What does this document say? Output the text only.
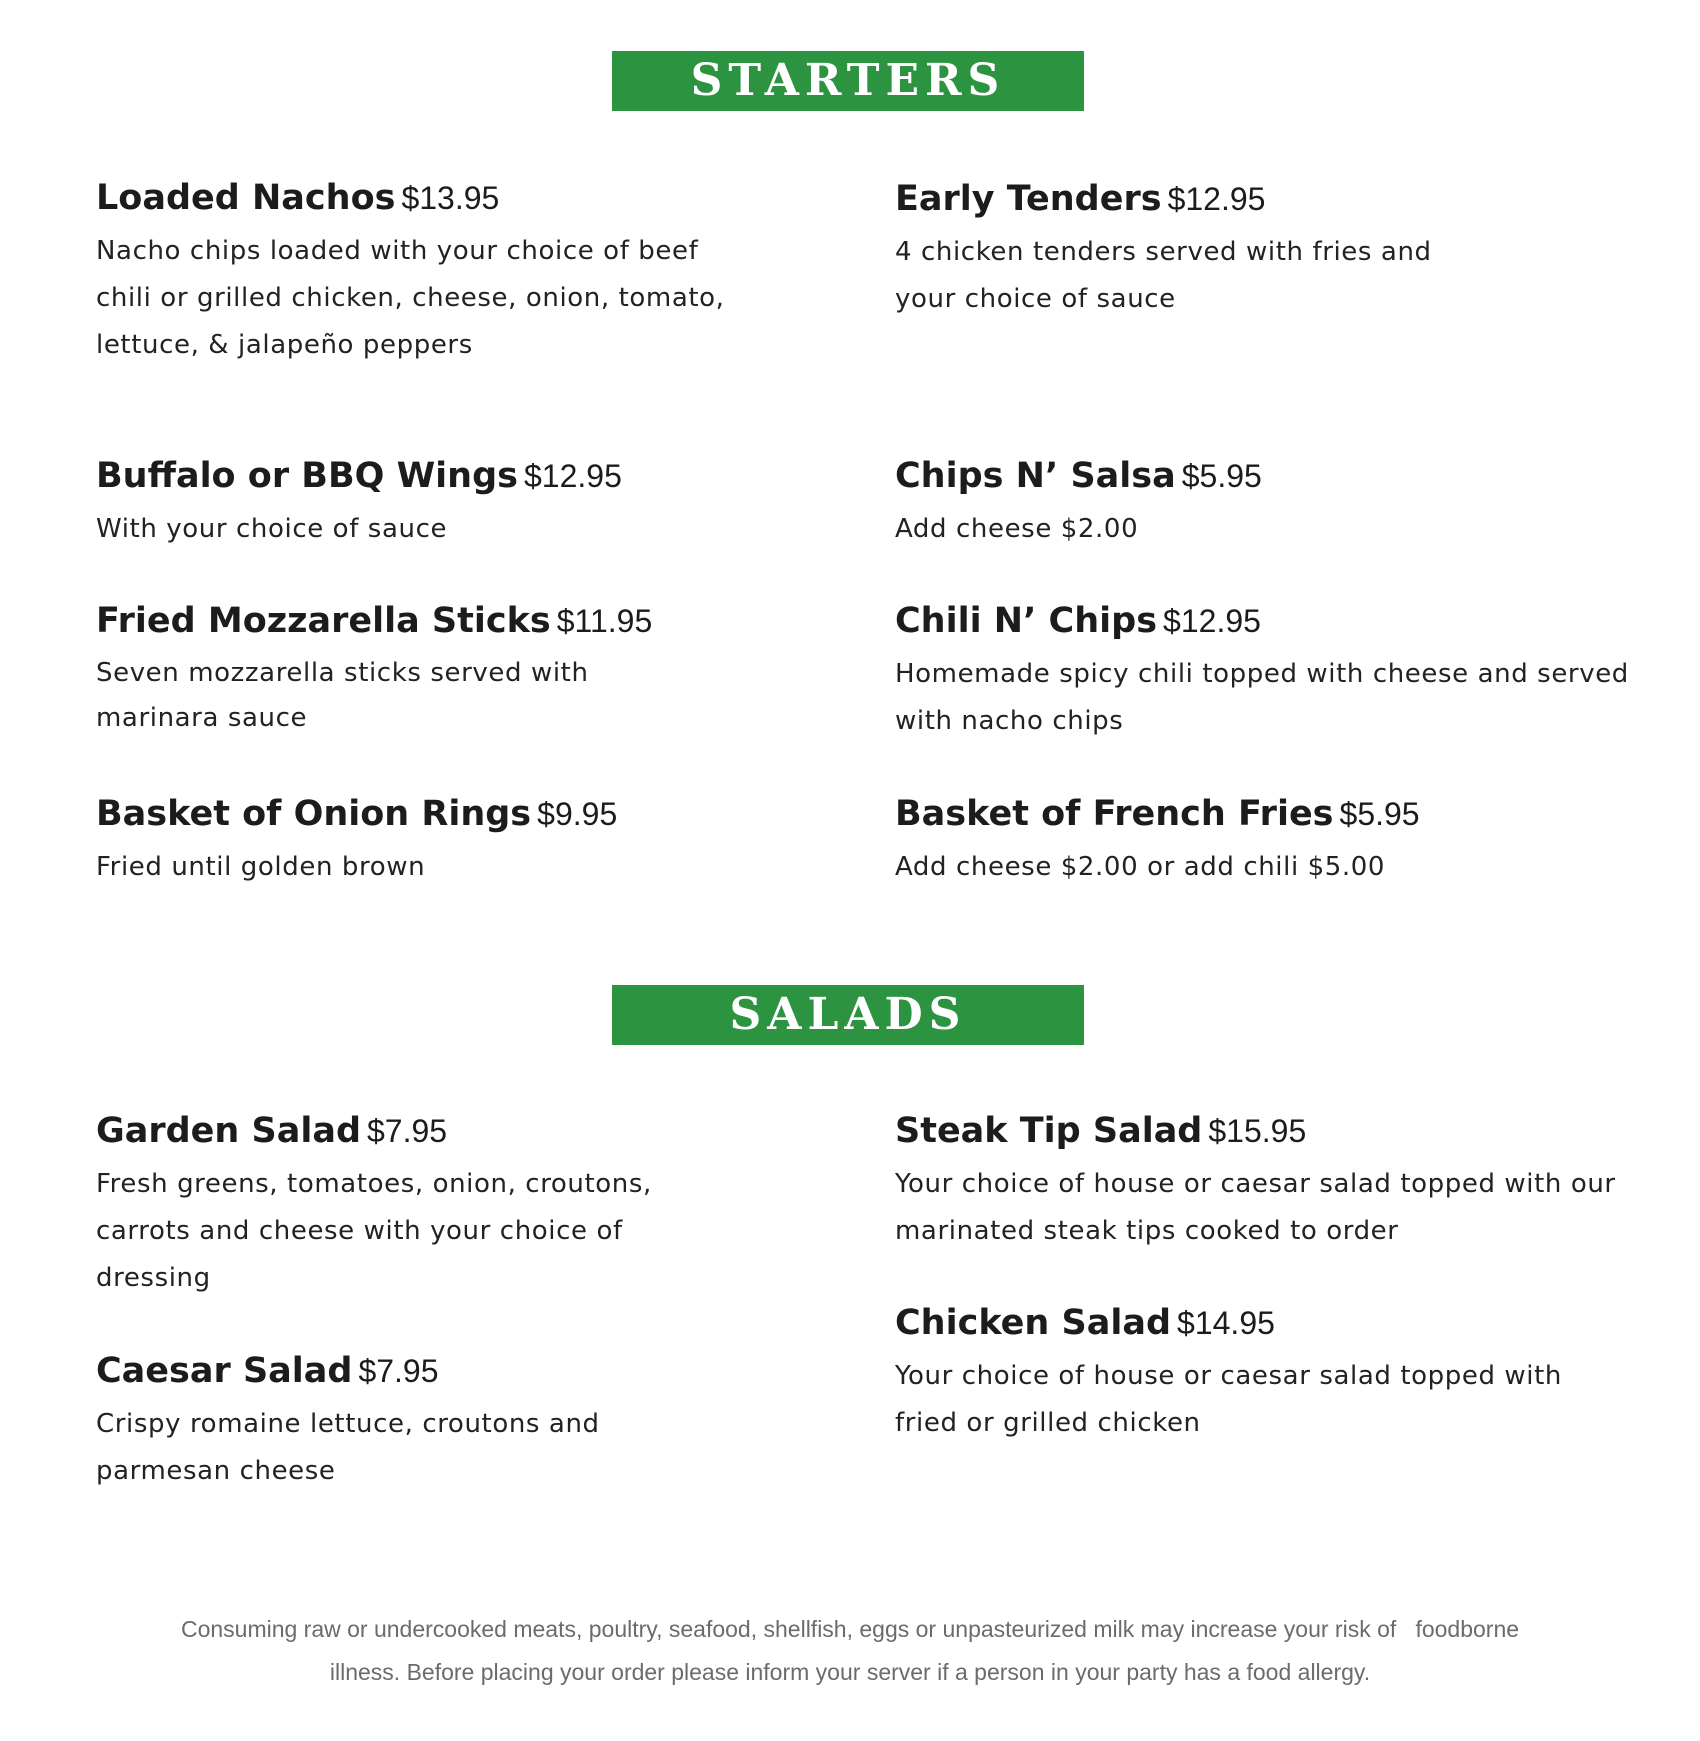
STARTERS
Loaded Nachos $13.95
Nacho chips loaded with your choice of beef chili or grilled chicken, cheese, onion, tomato, lettuce, & jalapeño peppers
Early Tenders $12.95
4 chicken tenders served with fries and your choice of sauce
Buffalo or BBQ Wings $12.95
With your choice of sauce
Chips N’ Salsa $5.95
Add cheese $2.00
Fried Mozzarella Sticks $11.95
Seven mozzarella sticks served with marinara sauce
Chili N’ Chips $12.95
Homemade spicy chili topped with cheese and served with nacho chips
Basket of Onion Rings $9.95
Fried until golden brown
Basket of French Fries $5.95
Add cheese $2.00 or add chili $5.00
SALADS
Garden Salad $7.95
Fresh greens, tomatoes, onion, croutons, carrots and cheese with your choice of dressing
Steak Tip Salad $15.95
Your choice of house or caesar salad topped with our marinated steak tips cooked to order
Caesar Salad $7.95
Crispy romaine lettuce, croutons and parmesan cheese
Chicken Salad $14.95
Your choice of house or caesar salad topped with fried or grilled chicken
Consuming raw or undercooked meats, poultry, seafood, shellfish, eggs or unpasteurized milk may increase your risk of   foodborne
illness. Before placing your order please inform your server if a person in your party has a food allergy.
